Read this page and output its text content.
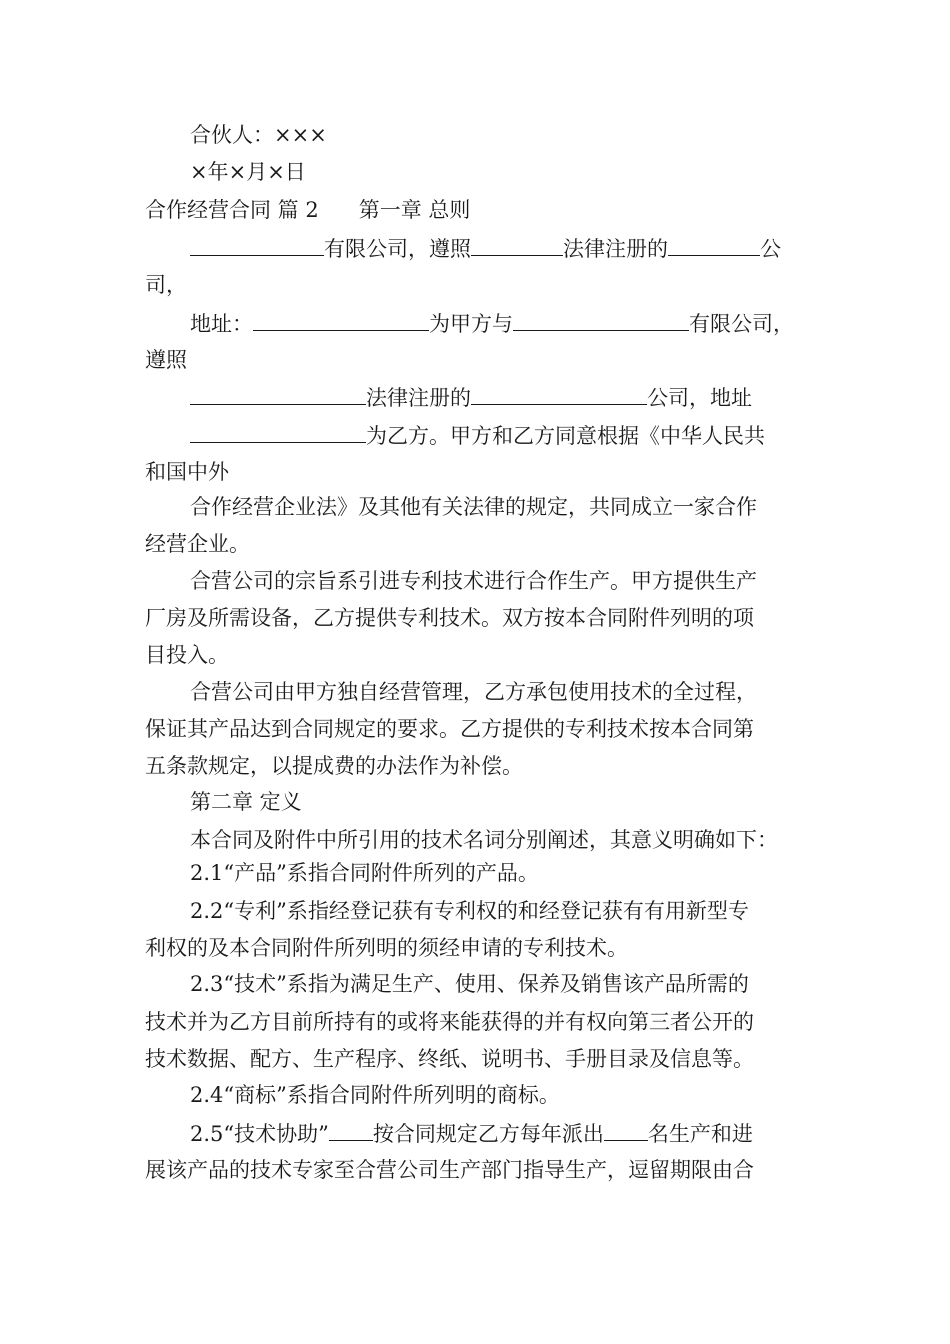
合伙人：×××
×年×月×日
合作经营合同 篇 2 第一章 总则
有限公司，遵照	法律注册的	公
司，
地址：	为甲方与	有限公司，
遵照
法律注册的	公司，地址
为乙方。甲方和乙方同意根据《中华人民共
和国中外
合作经营企业法》及其他有关法律的规定，共同成立一家合作
经营企业。
合营公司的宗旨系引进专利技术进行合作生产。甲方提供生产
厂房及所需设备，乙方提供专利技术。双方按本合同附件列明的项
目投入。
合营公司由甲方独自经营管理，乙方承包使用技术的全过程，
保证其产品达到合同规定的要求。乙方提供的专利技术按本合同第
五条款规定，以提成费的办法作为补偿。
第二章 定义
本合同及附件中所引用的技术名词分别阐述，其意义明确如下：
2.1“产品”系指合同附件所列的产品。
2.2“专利”系指经登记获有专利权的和经登记获有有用新型专
利权的及本合同附件所列明的须经申请的专利技术。
2.3“技术”系指为满足生产、使用、保养及销售该产品所需的
技术并为乙方目前所持有的或将来能获得的并有权向第三者公开的
技术数据、配方、生产程序、终纸、说明书、手册目录及信息等。
2.4“商标”系指合同附件所列明的商标。
2.5“技术协助” 按合同规定乙方每年派出 名生产和进
展该产品的技术专家至合营公司生产部门指导生产，逗留期限由合
